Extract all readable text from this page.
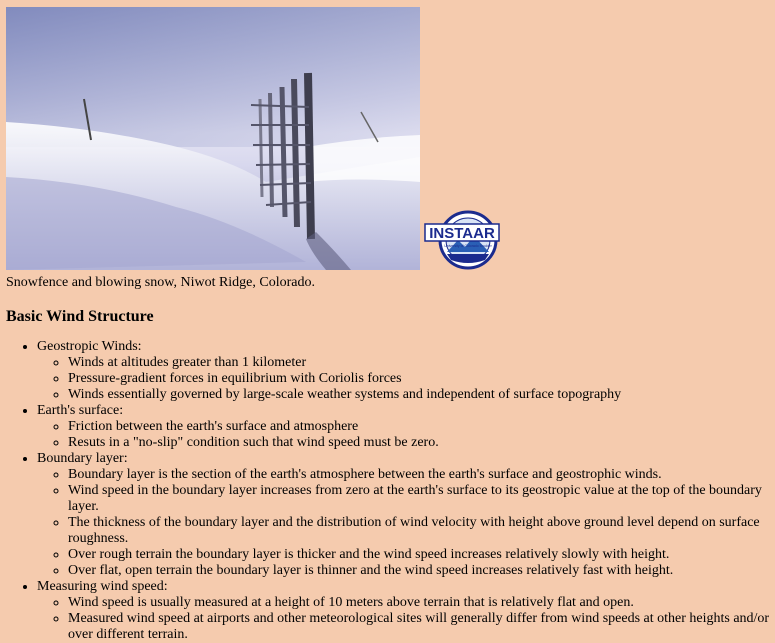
INSTAAR
University of Colorado Boulder
Snowfence and blowing snow, Niwot Ridge, Colorado.
Basic Wind Structure
• Geostropic Winds:
◦ Winds at altitudes greater than 1 kilometer
◦ Pressure-gradient forces in equilibrium with Coriolis forces
◦ Winds essentially governed by large-scale weather systems and independent of surface topography
• Earth's surface:
◦ Friction between the earth's surface and atmosphere
◦ Resuts in a "no-slip" condition such that wind speed must be zero.
• Boundary layer:
◦ Boundary layer is the section of the earth's atmosphere between the earth's surface and geostrophic winds.
◦ Wind speed in the boundary layer increases from zero at the earth's surface to its geostropic value at the top of the boundary layer.
◦ The thickness of the boundary layer and the distribution of wind velocity with height above ground level depend on surface roughness.
◦ Over rough terrain the boundary layer is thicker and the wind speed increases relatively slowly with height.
◦ Over flat, open terrain the boundary layer is thinner and the wind speed increases relatively fast with height.
• Measuring wind speed:
◦ Wind speed is usually measured at a height of 10 meters above terrain that is relatively flat and open.
◦ Measured wind speed at airports and other meteorological sites will generally differ from wind speeds at other heights and/or over different terrain.
